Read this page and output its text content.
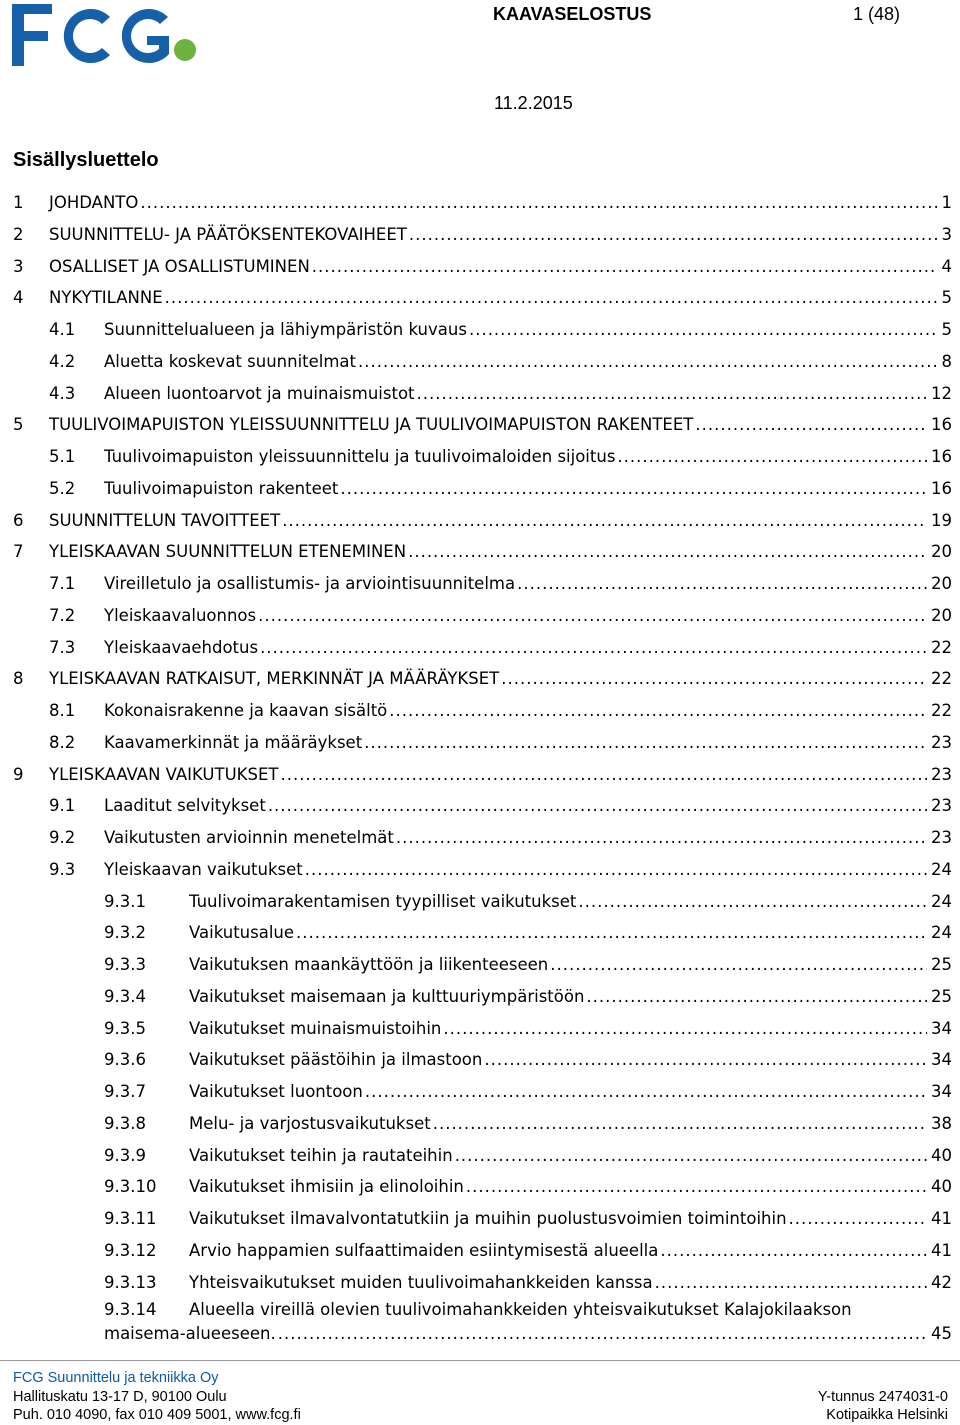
KAAVASELOSTUS	1 (48)
11.2.2015
Sisällysluettelo
1 JOHDANTO .....	1
2 SUUNNITTELU- JA PÄÄTÖKSENTEKOVAIHEET .....	3
3 OSALLISET JA OSALLISTUMINEN .....	4
4 NYKYTILANNE .....	5
4.1 Suunnittelualueen ja lähiympäristön kuvaus .....	5
4.2 Aluetta koskevat suunnitelmat .....	8
4.3 Alueen luontoarvot ja muinaismuistot .....	12
5 TUULIVOIMAPUISTON YLEISSUUNNITTELU JA TUULIVOIMAPUISTON RAKENTEET .....	16
5.1 Tuulivoimapuiston yleissuunnittelu ja tuulivoimaloiden sijoitus .....	16
5.2 Tuulivoimapuiston rakenteet .....	16
6 SUUNNITTELUN TAVOITTEET .....	19
7 YLEISKAAVAN SUUNNITTELUN ETENEMINEN .....	20
7.1 Vireilletulo ja osallistumis- ja arviointisuunnitelma .....	20
7.2 Yleiskaavaluonnos .....	20
7.3 Yleiskaavaehdotus .....	22
8 YLEISKAAVAN RATKAISUT, MERKINNÄT JA MÄÄRÄYKSET .....	22
8.1 Kokonaisrakenne ja kaavan sisältö .....	22
8.2 Kaavamerkinnät ja määräykset .....	23
9 YLEISKAAVAN VAIKUTUKSET .....	23
9.1 Laaditut selvitykset .....	23
9.2 Vaikutusten arvioinnin menetelmät .....	23
9.3 Yleiskaavan vaikutukset .....	24
9.3.1	Tuulivoimarakentamisen tyypilliset vaikutukset .....	24
9.3.2	Vaikutusalue .....	24
9.3.3	Vaikutuksen maankäyttöön ja liikenteeseen .....	25
9.3.4	Vaikutukset maisemaan ja kulttuuriympäristöön .....	25
9.3.5	Vaikutukset muinaismuistoihin .....	34
9.3.6	Vaikutukset päästöihin ja ilmastoon .....	34
9.3.7	Vaikutukset luontoon .....	34
9.3.8	Melu- ja varjostusvaikutukset .....	38
9.3.9	Vaikutukset teihin ja rautateihin .....	40
9.3.10 Vaikutukset ihmisiin ja elinoloihin .....	40
9.3.11 Vaikutukset ilmavalvontatutkiin ja muihin puolustusvoimien toimintoihin .....	41
9.3.12 Arvio happamien sulfaattimaiden esiintymisestä alueella .....	41
9.3.13 Yhteisvaikutukset muiden tuulivoimahankkeiden kanssa .....	42
9.3.14 Alueella vireillä olevien tuulivoimahankkeiden yhteisvaikutukset Kalajokilaakson
maisema-alueeseen. .....	45
FCG Suunnittelu ja tekniikka Oy
Hallituskatu 13-17 D, 90100 Oulu
Puh. 010 4090, fax 010 409 5001, www.fcg.fi
Y-tunnus 2474031-0
Kotipaikka Helsinki
